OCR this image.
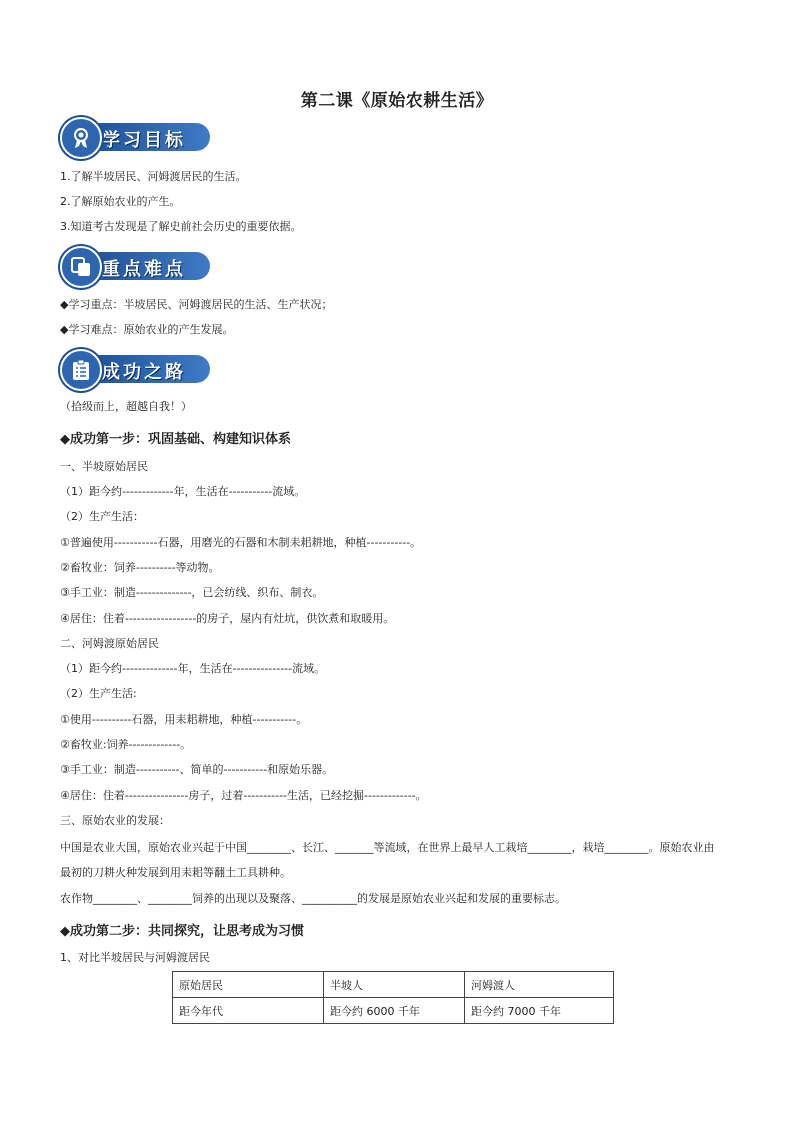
第二课《原始农耕生活》
学习目标
1.了解半坡居民、河姆渡居民的生活。
2.了解原始农业的产生。
3.知道考古发现是了解史前社会历史的重要依据。
重点难点
◆学习重点：半坡居民、河姆渡居民的生活、生产状况；
◆学习难点：原始农业的产生发展。
成功之路
（拾级而上，超越自我！）
◆成功第一步：巩固基础、构建知识体系
一、半坡原始居民
（1）距今约-------------年，生活在-----------流域。
（2）生产生活：
①普遍使用-----------石器，用磨光的石器和木制耒耜耕地，种植-----------。
②畜牧业：饲养----------等动物。
③手工业：制造--------------，已会纺线、织布、制衣。
④居住：住着------------------的房子，屋内有灶坑，供饮煮和取暖用。
二、河姆渡原始居民
（1）距今约--------------年，生活在---------------流域。
（2）生产生活:
①使用----------石器，用耒耜耕地，种植-----------。
②畜牧业:饲养-------------。
③手工业：制造-----------、简单的-----------和原始乐器。
④居住：住着----------------房子，过着-----------生活，已经挖掘-------------。
三、原始农业的发展：
中国是农业大国，原始农业兴起于中国________、长江、_______等流域，在世界上最早人工栽培________，栽培________。原始农业由
最初的刀耕火种发展到用耒耜等翻土工具耕种。
农作物________、________饲养的出现以及聚落、__________的发展是原始农业兴起和发展的重要标志。
◆成功第二步：共同探究，让思考成为习惯
1、对比半坡居民与河姆渡居民
原始居民	半坡人	河姆渡人
距今年代	距今约 6000 千年	距今约 7000 千年
